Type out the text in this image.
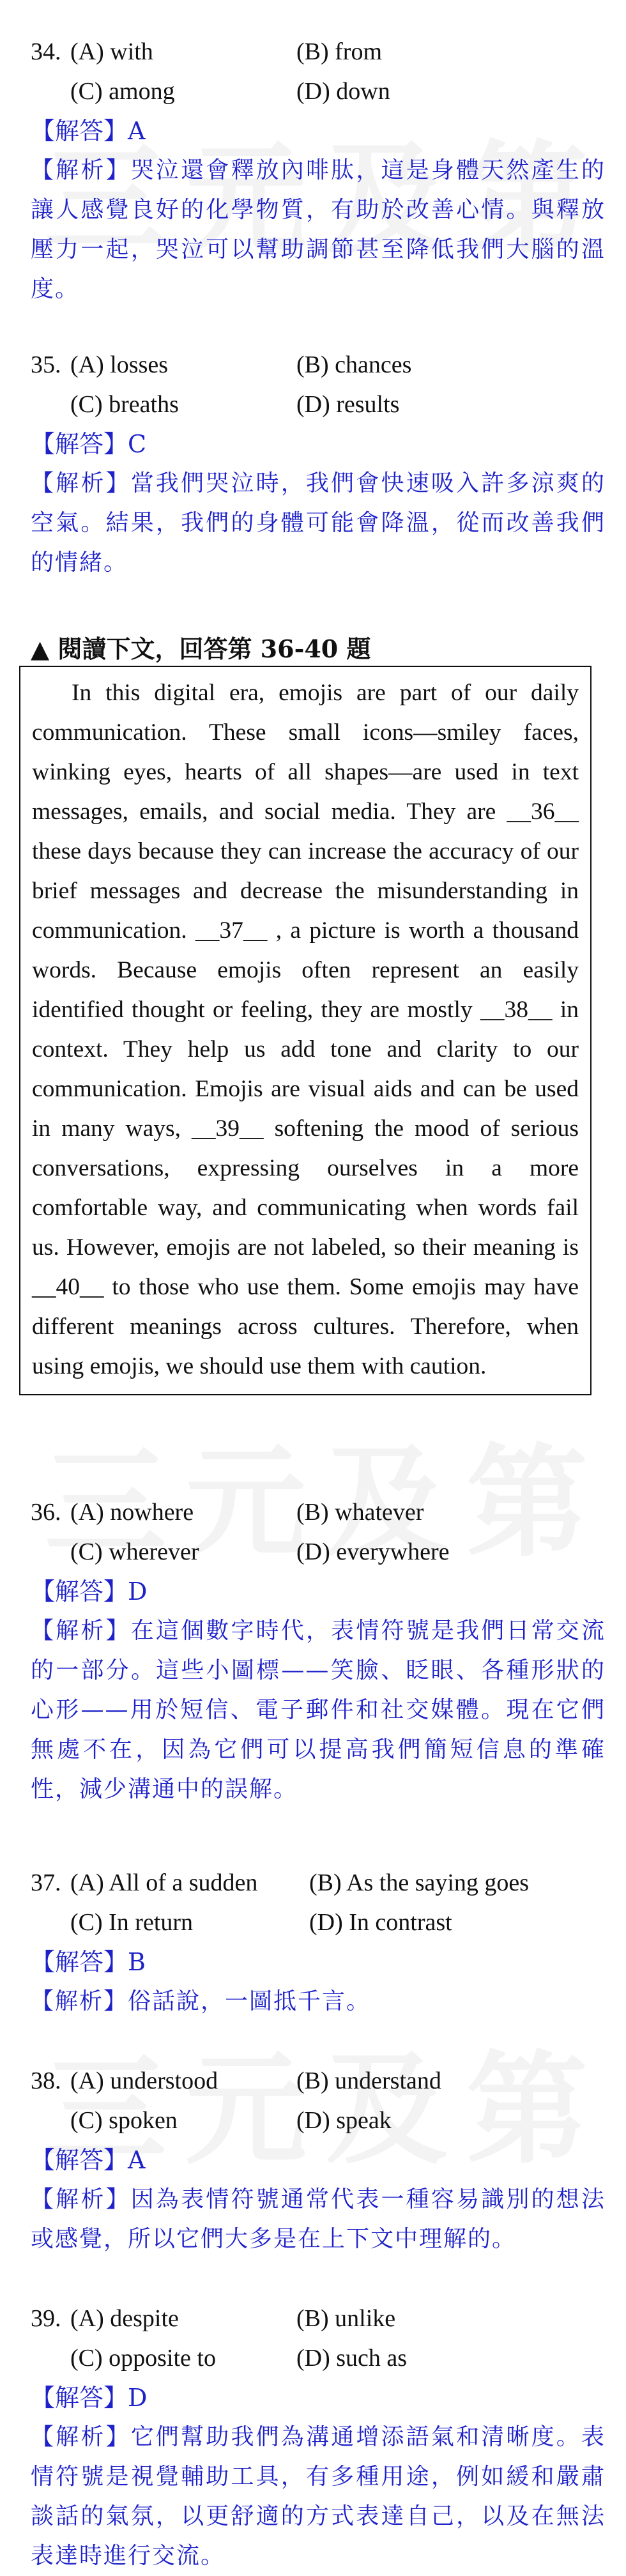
34. (A) with	(B) from
(C) among	(D) down
【解答】A
【解析】哭泣還會釋放內啡肽，這是身體天然產生的讓人感覺良好的化學物質，有助於改善心情。與釋放壓力一起，哭泣可以幫助調節甚至降低我們大腦的溫度。
35. (A) losses	(B) chances
(C) breaths	(D) results
【解答】C
【解析】當我們哭泣時，我們會快速吸入許多涼爽的空氣。結果，我們的身體可能會降溫，從而改善我們的情緒。
▲ 閱讀下文，回答第 36-40 題

In this digital era, emojis are part of our daily communication. These small icons—smiley faces, winking eyes, hearts of all shapes—are used in text messages, emails, and social media. They are __36__ these days because they can increase the accuracy of our brief messages and decrease the misunderstanding in communication. __37__ , a picture is worth a thousand words. Because emojis often represent an easily identified thought or feeling, they are mostly __38__ in context. They help us add tone and clarity to our communication. Emojis are visual aids and can be used in many ways, __39__ softening the mood of serious conversations, expressing ourselves in a more comfortable way, and communicating when words fail us. However, emojis are not labeled, so their meaning is __40__ to those who use them. Some emojis may have different meanings across cultures. Therefore, when using emojis, we should use them with caution.

36. (A) nowhere	(B) whatever
(C) wherever	(D) everywhere
【解答】D
【解析】在這個數字時代，表情符號是我們日常交流的一部分。這些小圖標——笑臉、眨眼、各種形狀的心形——用於短信、電子郵件和社交媒體。現在它們無處不在，因為它們可以提高我們簡短信息的準確性，減少溝通中的誤解。
37. (A) All of a sudden (B) As the saying goes
(C) In return	(D) In contrast
【解答】B
【解析】俗話說，一圖抵千言。
38. (A) understood	(B) understand
(C) spoken	(D) speak
【解答】A
【解析】因為表情符號通常代表一種容易識別的想法或感覺，所以它們大多是在上下文中理解的。
39. (A) despite	(B) unlike
(C) opposite to	(D) such as
【解答】D
【解析】它們幫助我們為溝通增添語氣和清晰度。表情符號是視覺輔助工具，有多種用途，例如緩和嚴肅談話的氣氛，以更舒適的方式表達自己，以及在無法表達時進行交流。
